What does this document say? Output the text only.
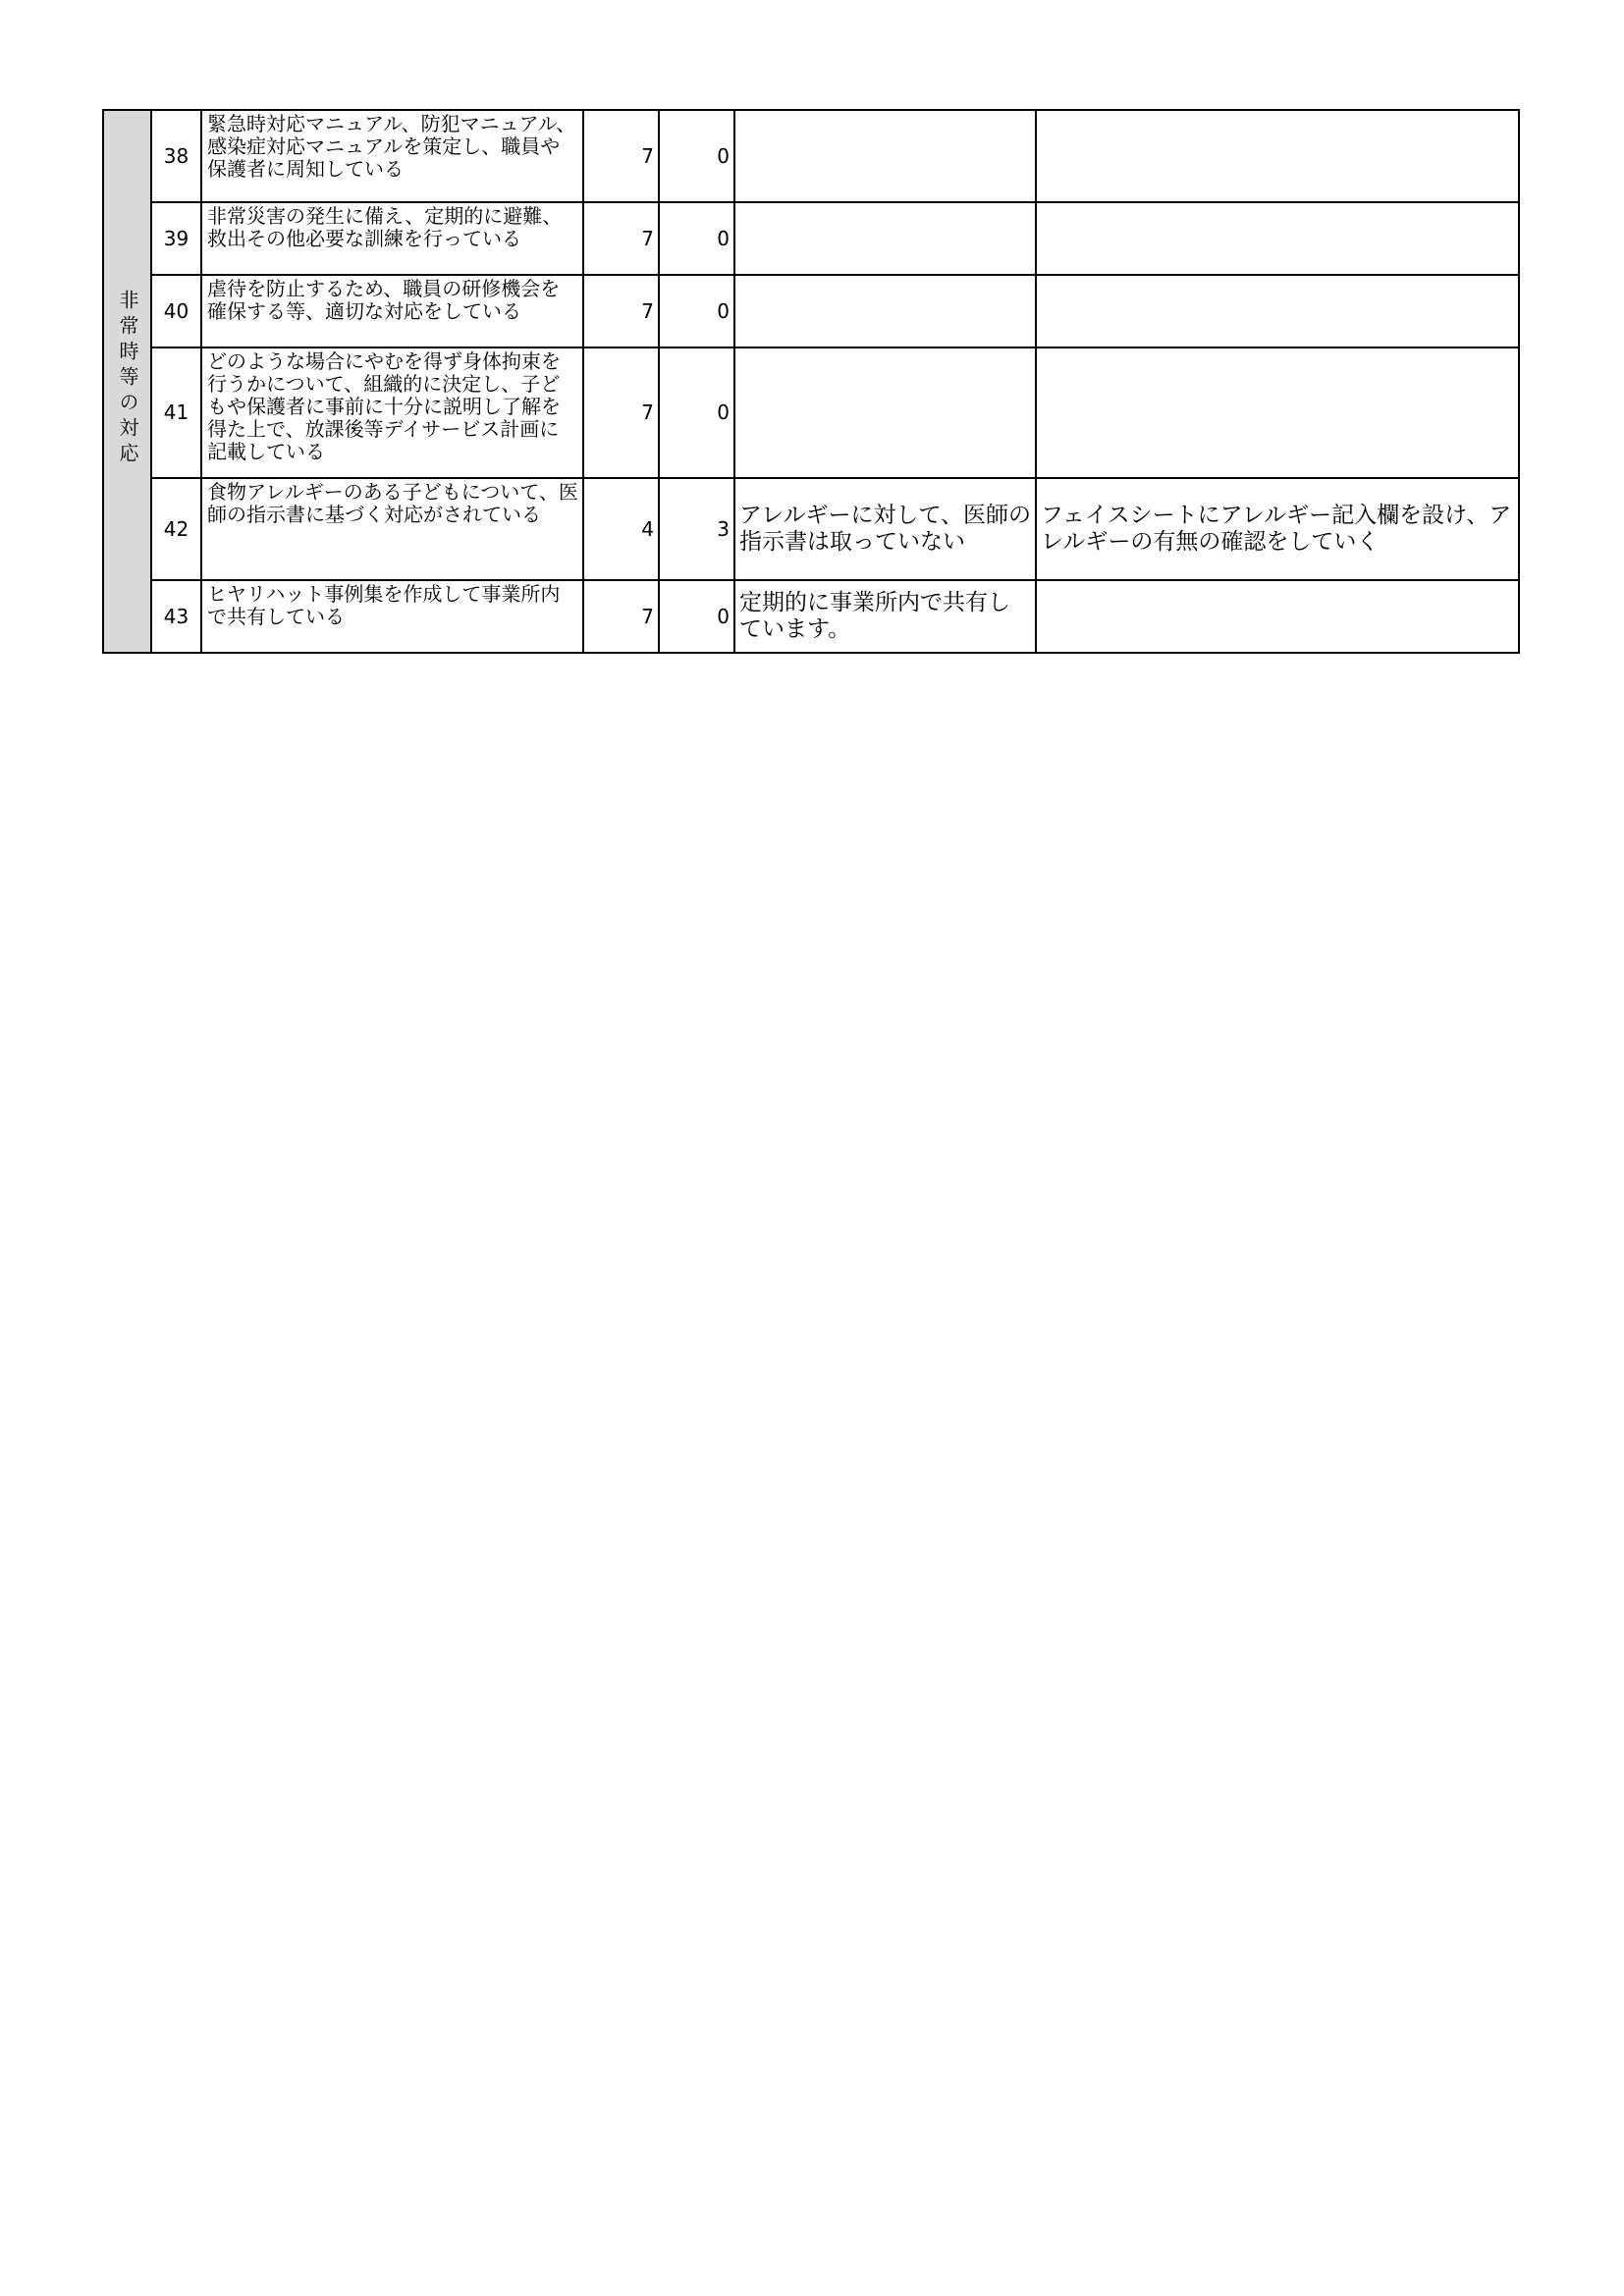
非常時等の対応	38	緊急時対応マニュアル、防犯マニュアル、感染症対応マニュアルを策定し、職員や保護者に周知している	7	0		
	39	非常災害の発生に備え、定期的に避難、救出その他必要な訓練を行っている	7	0		
	40	虐待を防止するため、職員の研修機会を確保する等、適切な対応をしている	7	0		
	41	どのような場合にやむを得ず身体拘束を行うかについて、組織的に決定し、子どもや保護者に事前に十分に説明し了解を得た上で、放課後等デイサービス計画に記載している	7	0		
	42	食物アレルギーのある子どもについて、医師の指示書に基づく対応がされている	4	3	アレルギーに対して、医師の指示書は取っていない	フェイスシートにアレルギー記入欄を設け、アレルギーの有無の確認をしていく
	43	ヒヤリハット事例集を作成して事業所内で共有している	7	0	定期的に事業所内で共有しています。	
